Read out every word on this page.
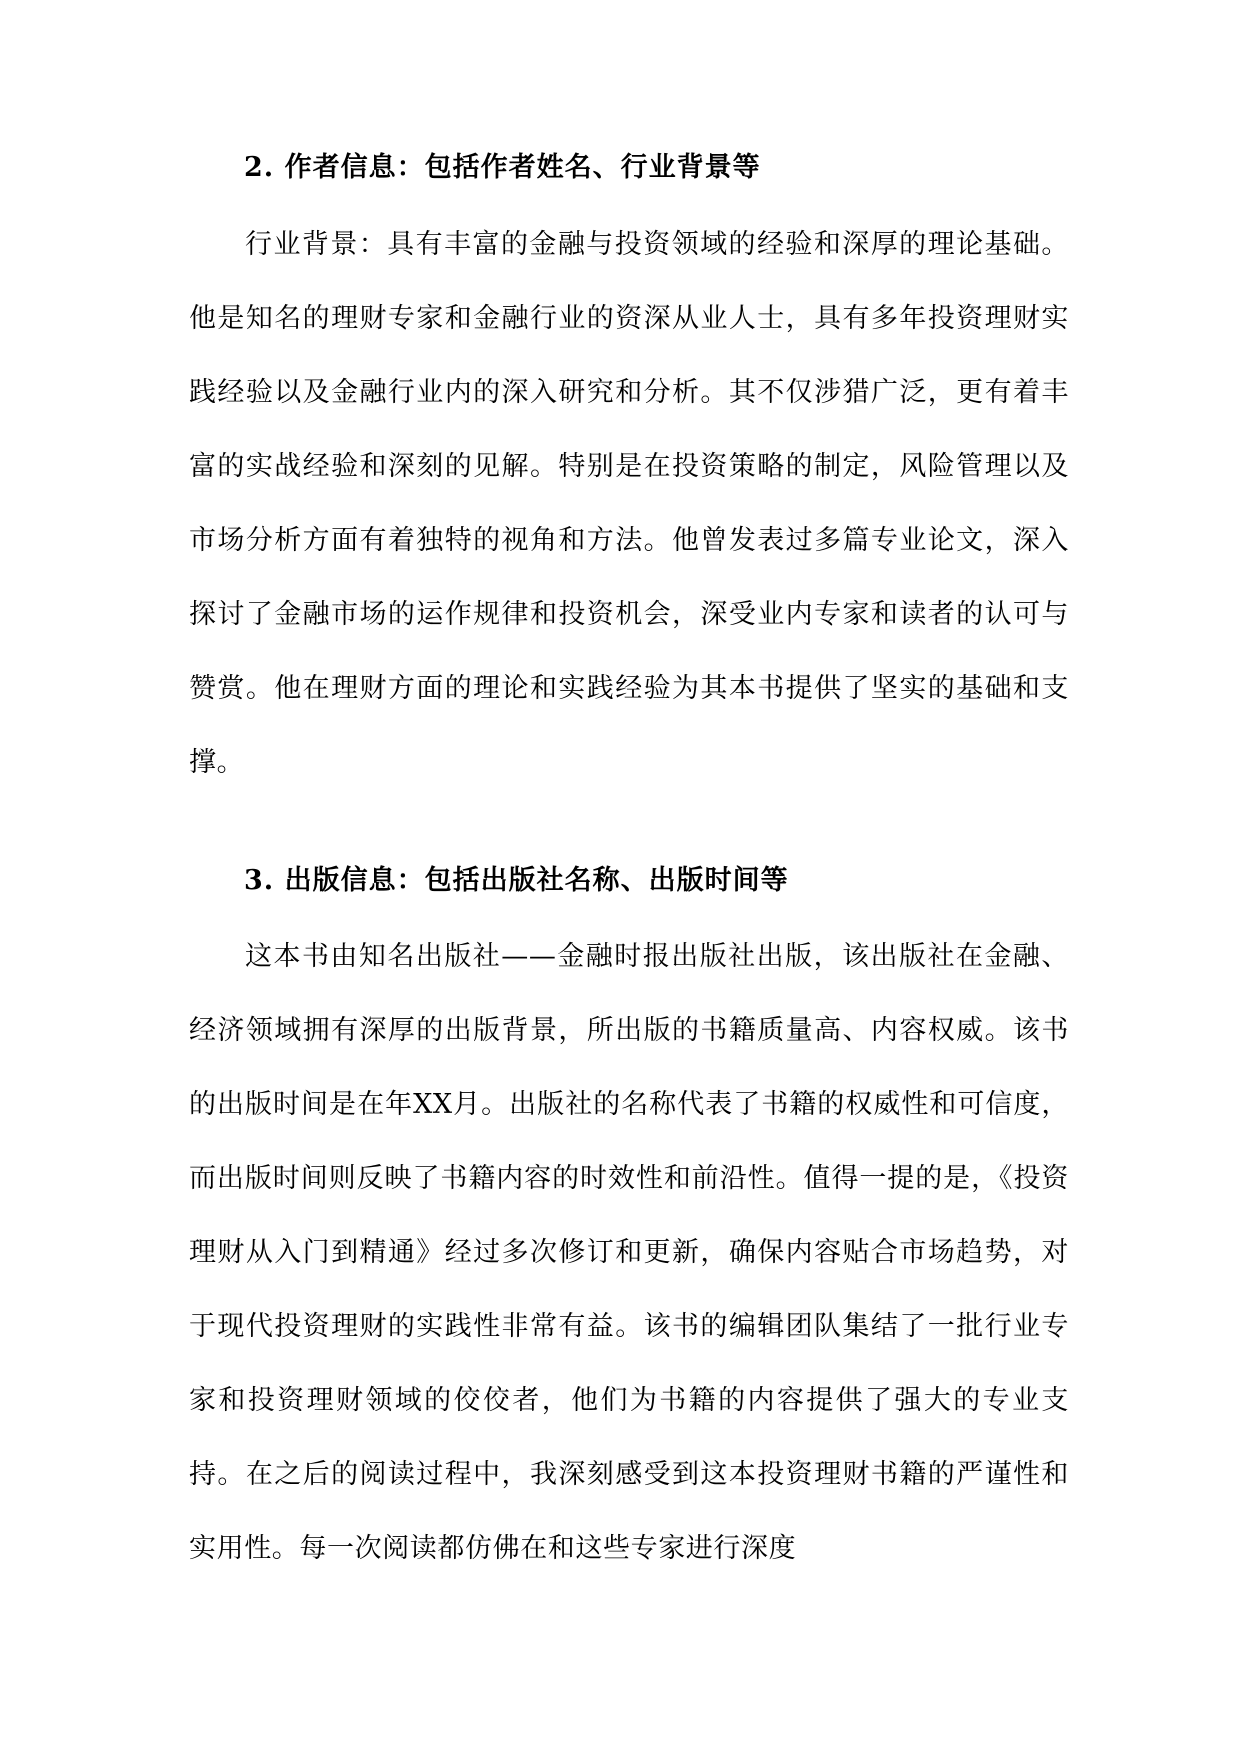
2. 作者信息：包括作者姓名、行业背景等
行业背景：具有丰富的金融与投资领域的经验和深厚的理论基础。他是知名的理财专家和金融行业的资深从业人士，具有多年投资理财实践经验以及金融行业内的深入研究和分析。其不仅涉猎广泛，更有着丰富的实战经验和深刻的见解。特别是在投资策略的制定，风险管理以及市场分析方面有着独特的视角和方法。他曾发表过多篇专业论文，深入探讨了金融市场的运作规律和投资机会，深受业内专家和读者的认可与赞赏。他在理财方面的理论和实践经验为其本书提供了坚实的基础和支撑。
3. 出版信息：包括出版社名称、出版时间等
这本书由知名出版社——金融时报出版社出版，该出版社在金融、经济领域拥有深厚的出版背景，所出版的书籍质量高、内容权威。该书的出版时间是在年XX月。出版社的名称代表了书籍的权威性和可信度，而出版时间则反映了书籍内容的时效性和前沿性。值得一提的是，《投资理财从入门到精通》经过多次修订和更新，确保内容贴合市场趋势，对于现代投资理财的实践性非常有益。该书的编辑团队集结了一批行业专家和投资理财领域的佼佼者，他们为书籍的内容提供了强大的专业支持。在之后的阅读过程中，我深刻感受到这本投资理财书籍的严谨性和实用性。每一次阅读都仿佛在和这些专家进行深度
